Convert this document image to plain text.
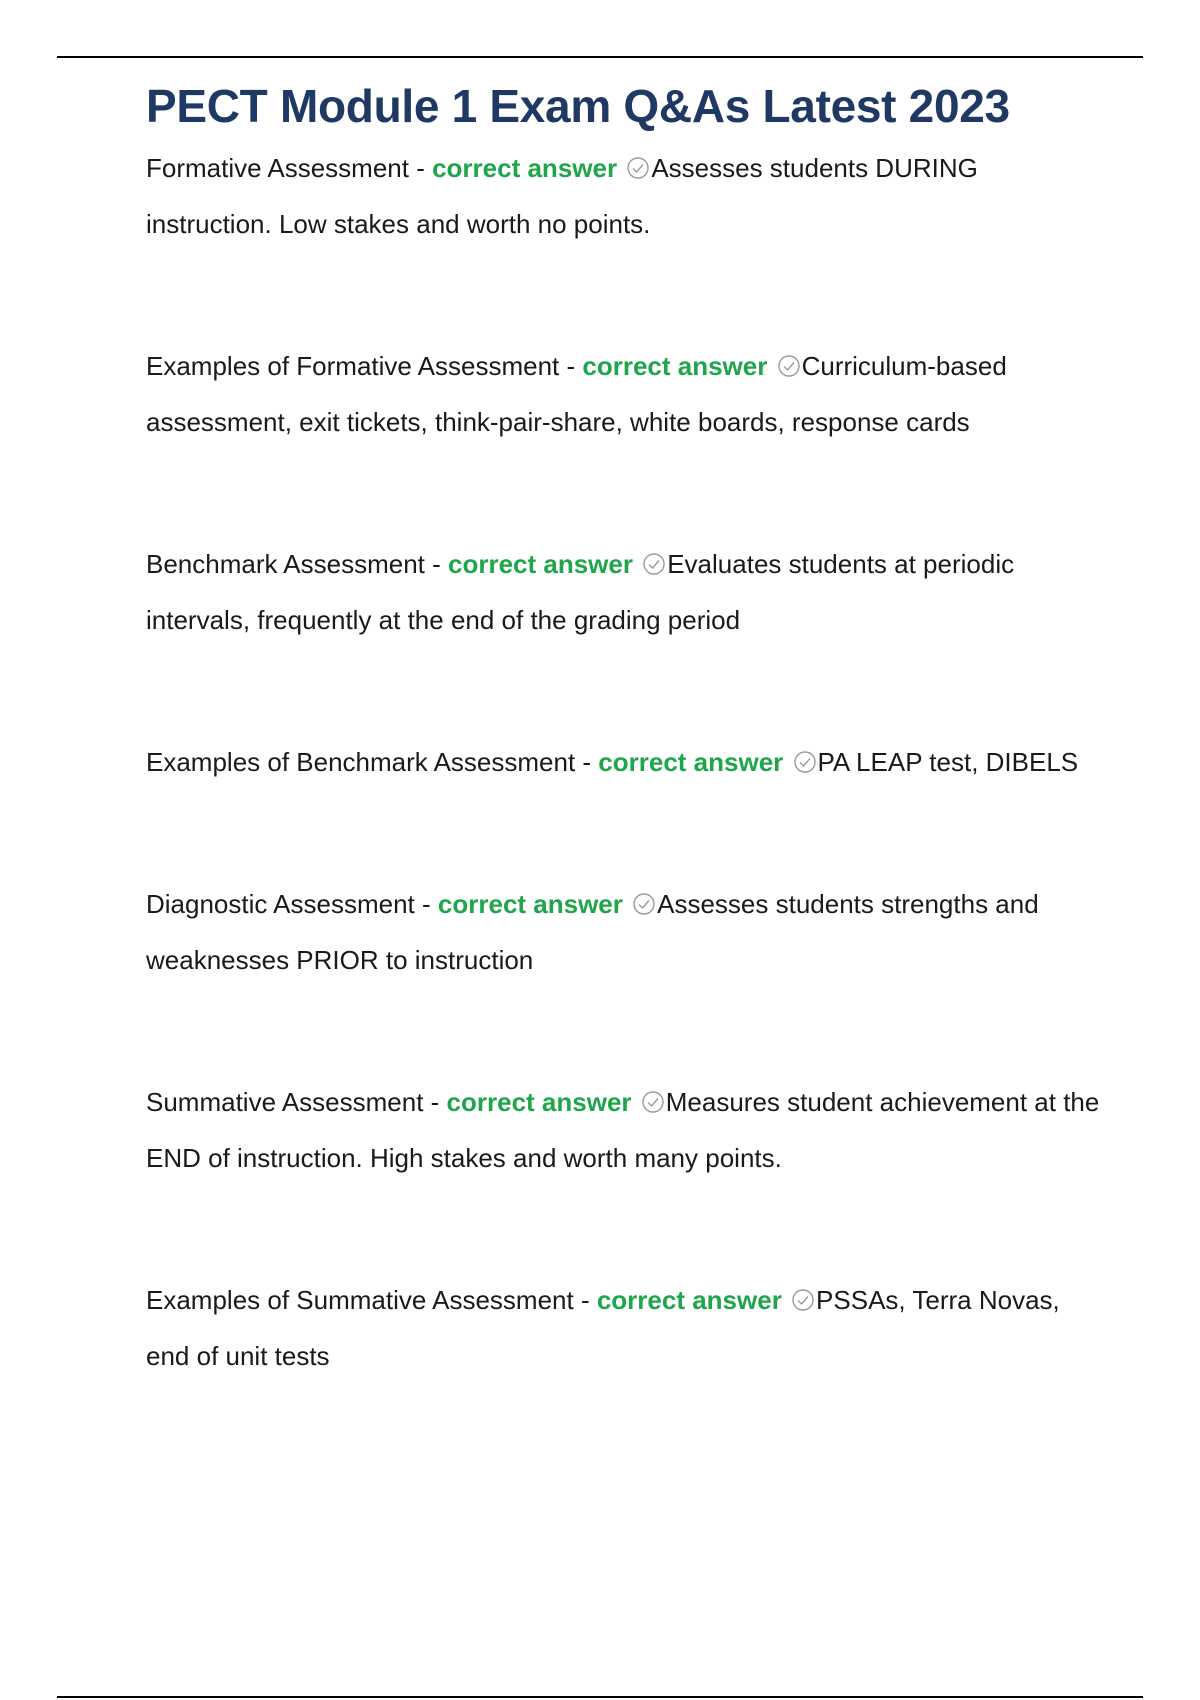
PECT Module 1 Exam Q&As Latest 2023

Formative Assessment - correct answer Assesses students DURING instruction. Low stakes and worth no points.

Examples of Formative Assessment - correct answer Curriculum-based assessment, exit tickets, think-pair-share, white boards, response cards

Benchmark Assessment - correct answer Evaluates students at periodic intervals, frequently at the end of the grading period

Examples of Benchmark Assessment - correct answer PA LEAP test, DIBELS

Diagnostic Assessment - correct answer Assesses students strengths and weaknesses PRIOR to instruction

Summative Assessment - correct answer Measures student achievement at the END of instruction. High stakes and worth many points.

Examples of Summative Assessment - correct answer PSSAs, Terra Novas, end of unit tests
